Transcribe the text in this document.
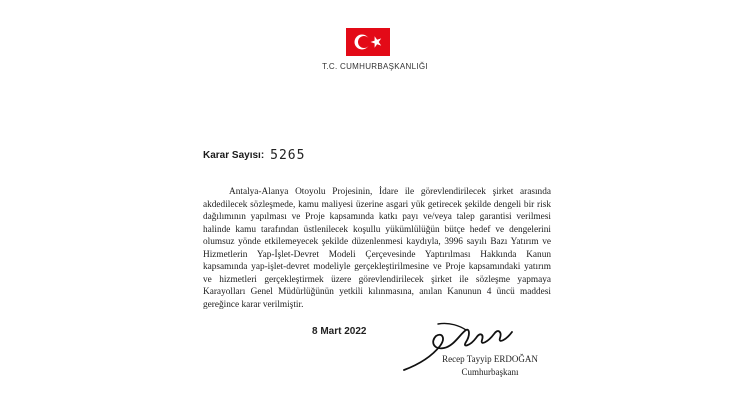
T.C. CUMHURBAŞKANLIĞI
Karar Sayısı: 5265
Antalya-Alanya Otoyolu Projesinin, İdare ile görevlendirilecek şirket arasında akdedilecek sözleşmede, kamu maliyesi üzerine asgari yük getirecek şekilde dengeli bir risk dağılımının yapılması ve Proje kapsamında katkı payı ve/veya talep garantisi verilmesi halinde kamu tarafından üstlenilecek koşullu yükümlülüğün bütçe hedef ve dengelerini olumsuz yönde etkilemeyecek şekilde düzenlenmesi kaydıyla, 3996 sayılı Bazı Yatırım ve Hizmetlerin Yap-İşlet-Devret Modeli Çerçevesinde Yaptırılması Hakkında Kanun kapsamında yap-işlet-devret modeliyle gerçekleştirilmesine ve Proje kapsamındaki yatırım ve hizmetleri gerçekleştirmek üzere görevlendirilecek şirket ile sözleşme yapmaya Karayolları Genel Müdürlüğünün yetkili kılınmasına, anılan Kanunun 4 üncü maddesi gereğince karar verilmiştir.
8 Mart 2022
Recep Tayyip ERDOĞAN
Cumhurbaşkanı
